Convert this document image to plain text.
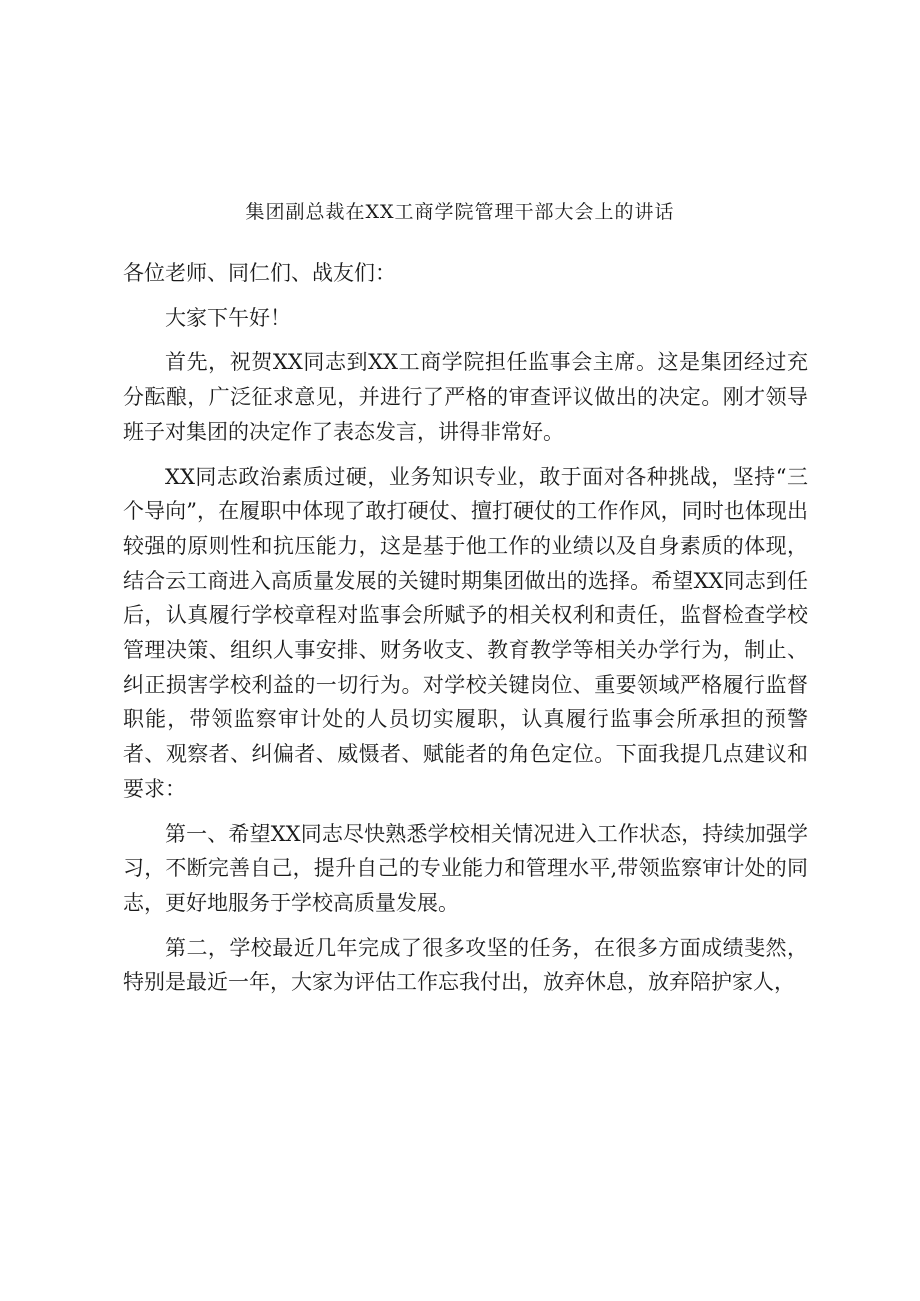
集团副总裁在XX工商学院管理干部大会上的讲话

各位老师、同仁们、战友们：

大家下午好！

首先，祝贺XX同志到XX工商学院担任监事会主席。这是集团经过充分酝酿，广泛征求意见，并进行了严格的审查评议做出的决定。刚才领导班子对集团的决定作了表态发言，讲得非常好。

XX同志政治素质过硬，业务知识专业，敢于面对各种挑战，坚持“三个导向”，在履职中体现了敢打硬仗、擅打硬仗的工作作风，同时也体现出较强的原则性和抗压能力，这是基于他工作的业绩以及自身素质的体现，结合云工商进入高质量发展的关键时期集团做出的选择。希望XX同志到任后，认真履行学校章程对监事会所赋予的相关权利和责任，监督检查学校管理决策、组织人事安排、财务收支、教育教学等相关办学行为，制止、纠正损害学校利益的一切行为。对学校关键岗位、重要领域严格履行监督职能，带领监察审计处的人员切实履职，认真履行监事会所承担的预警者、观察者、纠偏者、威慑者、赋能者的角色定位。下面我提几点建议和要求：

第一、希望XX同志尽快熟悉学校相关情况进入工作状态，持续加强学习，不断完善自己，提升自己的专业能力和管理水平,带领监察审计处的同志，更好地服务于学校高质量发展。

第二，学校最近几年完成了很多攻坚的任务，在很多方面成绩斐然，特别是最近一年，大家为评估工作忘我付出，放弃休息，放弃陪护家人，
